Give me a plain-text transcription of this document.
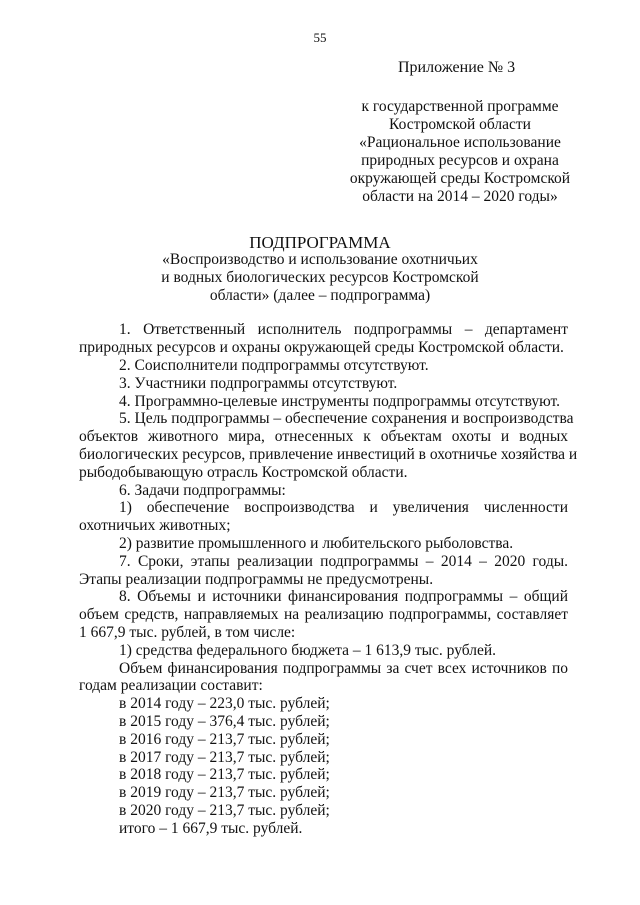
55
Приложение № 3
к государственной программе
Костромской области
«Рациональное использование
природных ресурсов и охрана
окружающей среды Костромской
области на 2014 – 2020 годы»
ПОДПРОГРАММА
«Воспроизводство и использование охотничьих
и водных биологических ресурсов Костромской
области» (далее – подпрограмма)
1. Ответственный исполнитель подпрограммы – департамент
природных ресурсов и охраны окружающей среды Костромской области.
2. Соисполнители подпрограммы отсутствуют.
3. Участники подпрограммы отсутствуют.
4. Программно-целевые инструменты подпрограммы отсутствуют.
5. Цель подпрограммы – обеспечение сохранения и воспроизводства
объектов животного мира, отнесенных к объектам охоты и водных
биологических ресурсов, привлечение инвестиций в охотничье хозяйства и
рыбодобывающую отрасль Костромской области.
6. Задачи подпрограммы:
1) обеспечение воспроизводства и увеличения численности
охотничьих животных;
2) развитие промышленного и любительского рыболовства.
7. Сроки, этапы реализации подпрограммы – 2014 – 2020 годы.
Этапы реализации подпрограммы не предусмотрены.
8. Объемы и источники финансирования подпрограммы – общий
объем средств, направляемых на реализацию подпрограммы, составляет
1 667,9 тыс. рублей, в том числе:
1) средства федерального бюджета – 1 613,9 тыс. рублей.
Объем финансирования подпрограммы за счет всех источников по
годам реализации составит:
в 2014 году – 223,0 тыс. рублей;
в 2015 году – 376,4 тыс. рублей;
в 2016 году – 213,7 тыс. рублей;
в 2017 году – 213,7 тыс. рублей;
в 2018 году – 213,7 тыс. рублей;
в 2019 году – 213,7 тыс. рублей;
в 2020 году – 213,7 тыс. рублей;
итого – 1 667,9 тыс. рублей.
